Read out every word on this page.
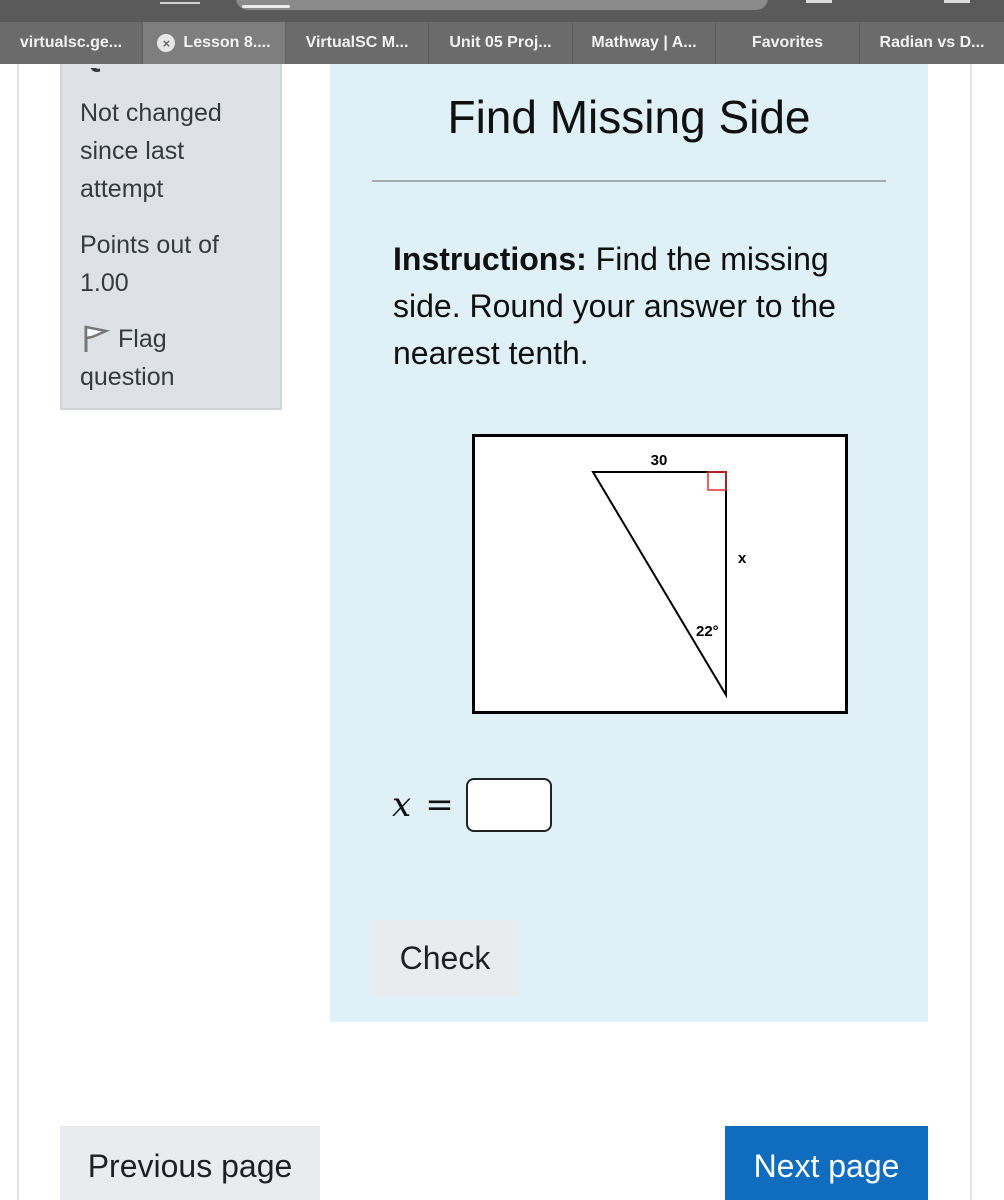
virtualsc.ge...	× Lesson 8.... VirtualSC M...	Unit 05 Proj... Mathway | A...	Favorites	Radian vs D...
Not changed since last attempt
Points out of 1.00
Flag question
Find Missing Side
Instructions: Find the missing side. Round your answer to the nearest tenth.
30
x
22°
x =
Check
Previous page	Next page
